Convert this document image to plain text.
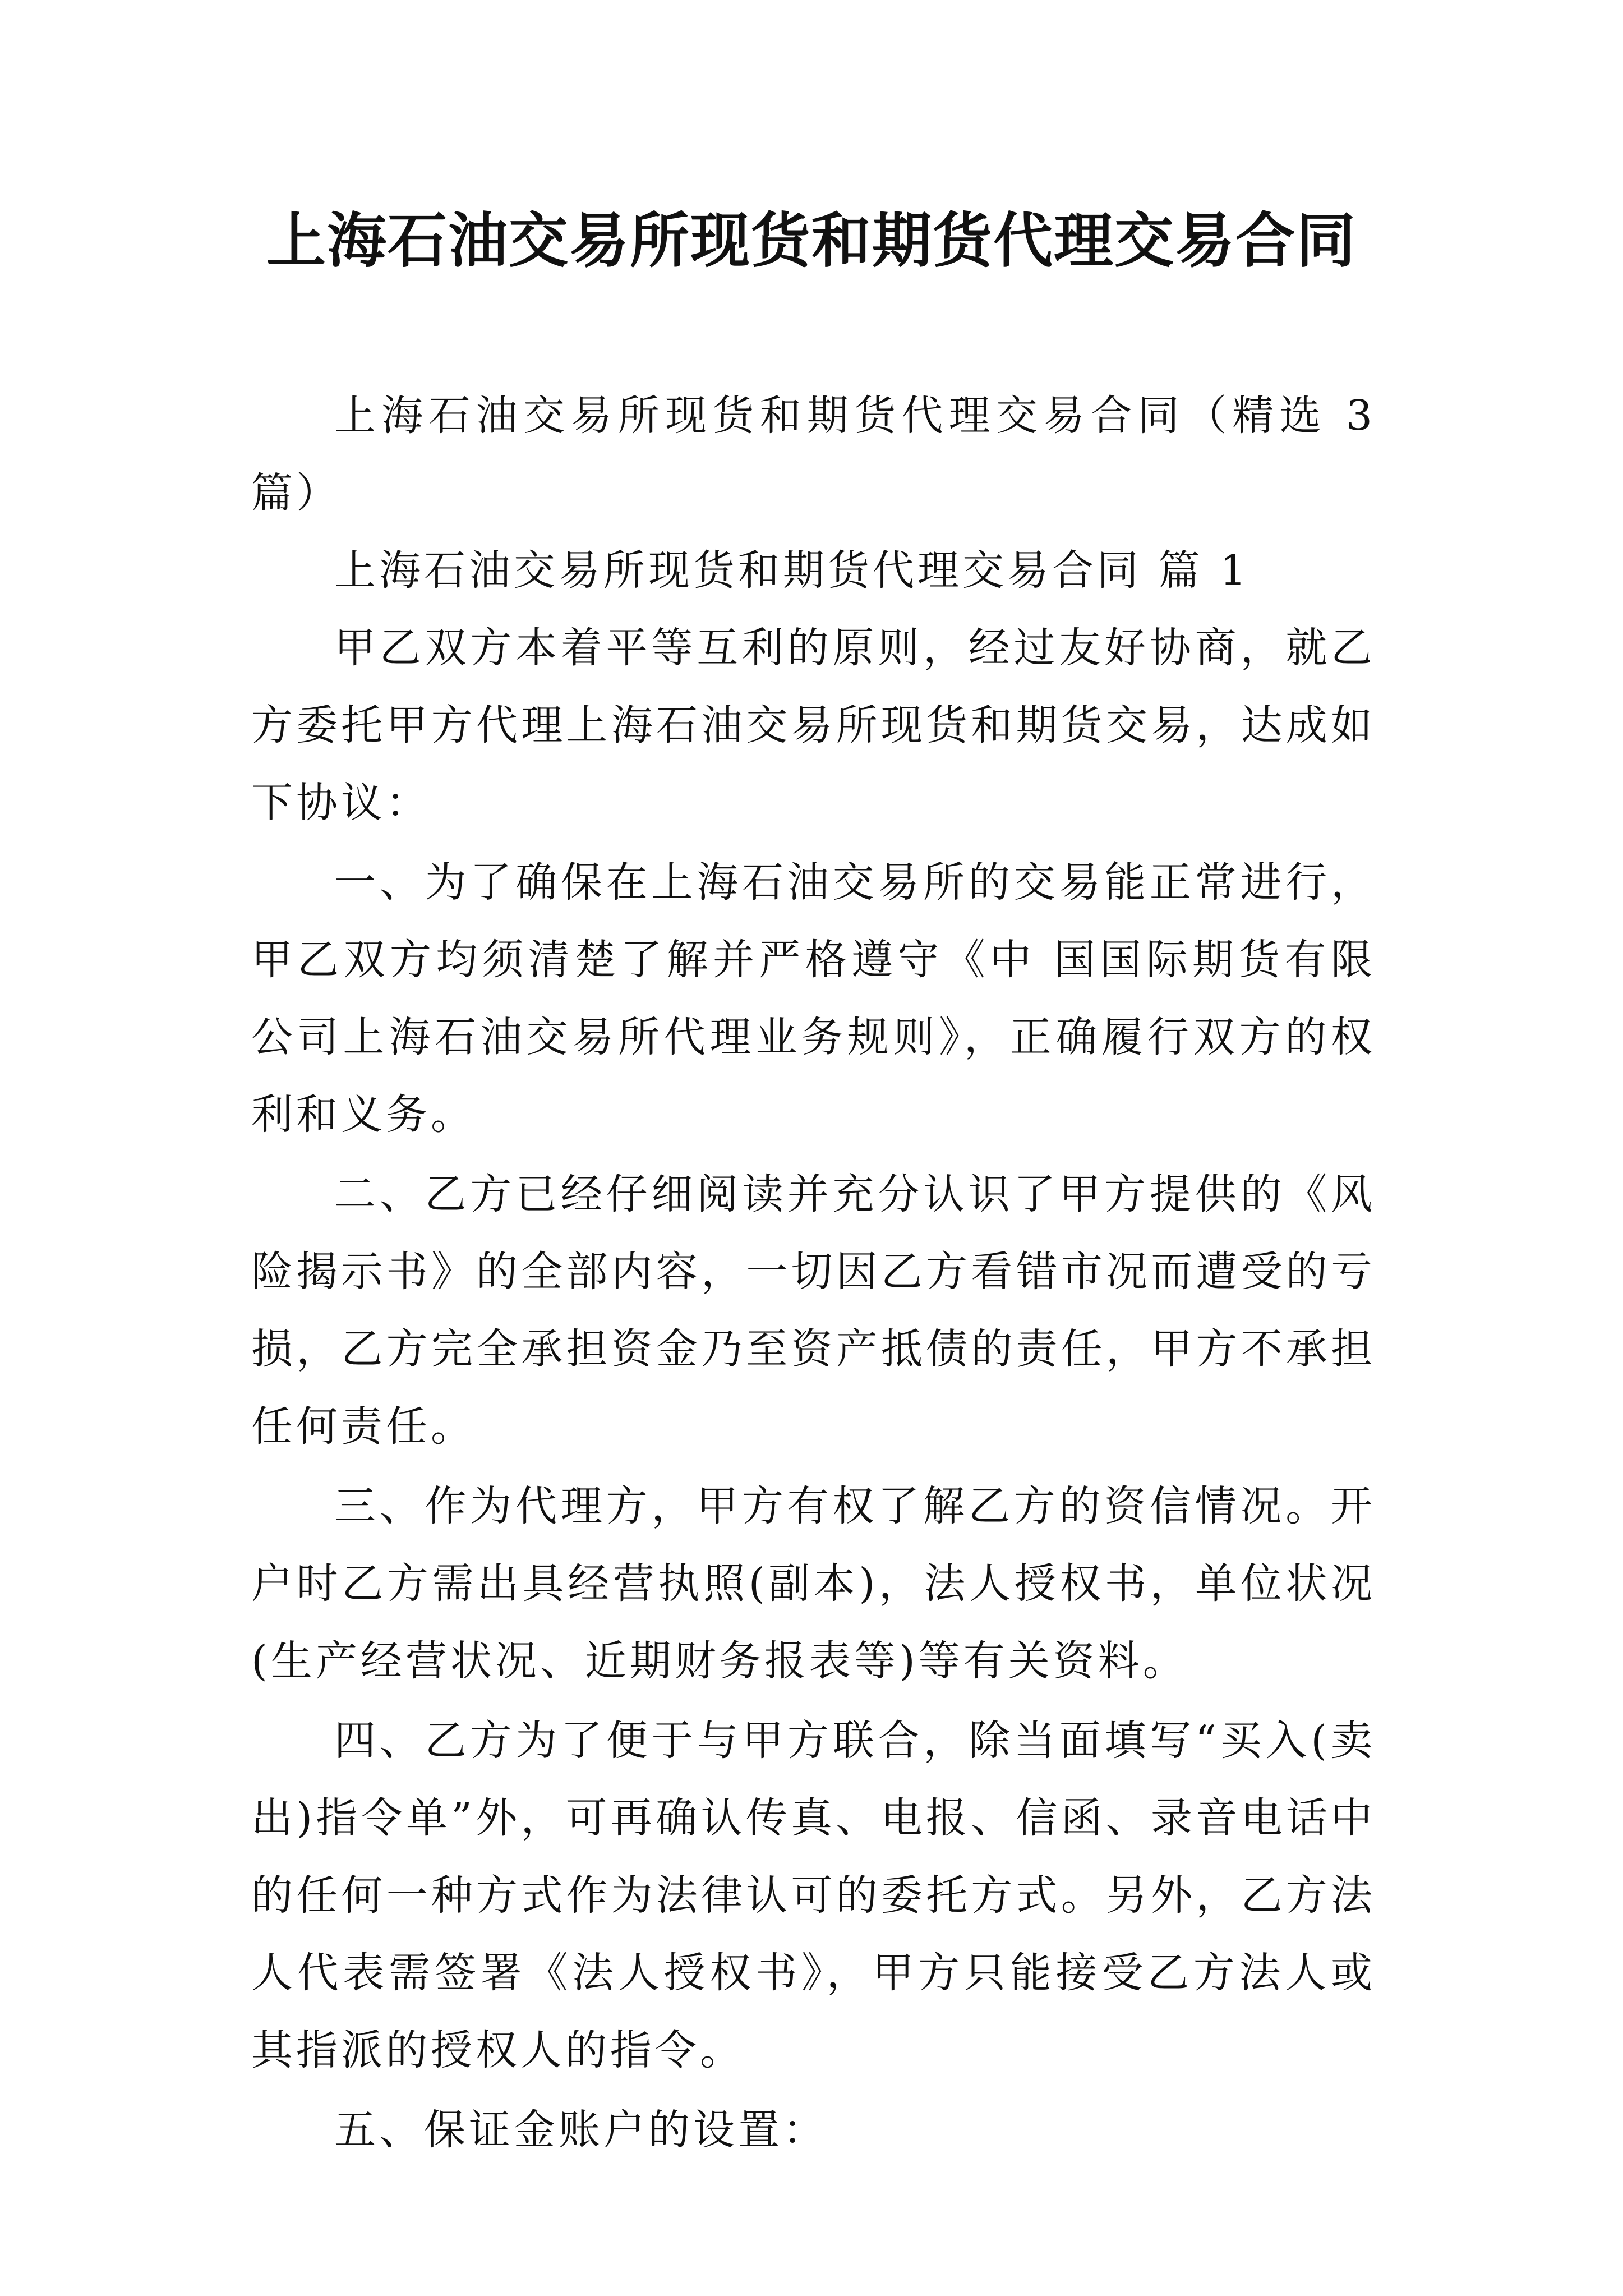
上海石油交易所现货和期货代理交易合同

上海石油交易所现货和期货代理交易合同（精选 3 篇）

上海石油交易所现货和期货代理交易合同 篇 1

甲乙双方本着平等互利的原则，经过友好协商，就乙方委托甲方代理上海石油交易所现货和期货交易，达成如下协议：

一、为了确保在上海石油交易所的交易能正常进行，甲乙双方均须清楚了解并严格遵守《中 国国际期货有限公司上海石油交易所代理业务规则》，正确履行双方的权利和义务。

二、乙方已经仔细阅读并充分认识了甲方提供的《风险揭示书》的全部内容，一切因乙方看错市况而遭受的亏损，乙方完全承担资金乃至资产抵债的责任，甲方不承担任何责任。

三、作为代理方，甲方有权了解乙方的资信情况。开户时乙方需出具经营执照(副本)，法人授权书，单位状况(生产经营状况、近期财务报表等)等有关资料。

四、乙方为了便于与甲方联合，除当面填写“买入(卖出)指令单”外，可再确认传真、电报、信函、录音电话中的任何一种方式作为法律认可的委托方式。另外，乙方法人代表需签署《法人授权书》，甲方只能接受乙方法人或其指派的授权人的指令。

五、保证金账户的设置：
